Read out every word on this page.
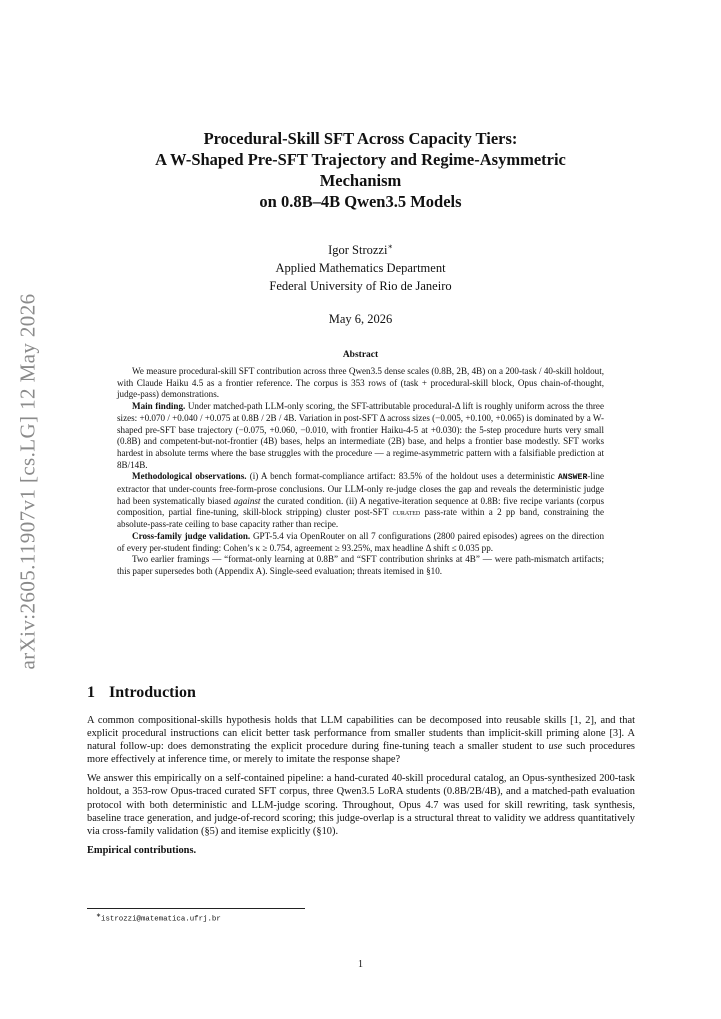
arXiv:2605.11907v1 [cs.LG] 12 May 2026
Procedural-Skill SFT Across Capacity Tiers:
A W-Shaped Pre-SFT Trajectory and Regime-Asymmetric
Mechanism
on 0.8B–4B Qwen3.5 Models
Igor Strozzi∗
Applied Mathematics Department
Federal University of Rio de Janeiro
May 6, 2026
Abstract

We measure procedural-skill SFT contribution across three Qwen3.5 dense scales (0.8B, 2B, 4B) on a 200-task / 40-skill holdout, with Claude Haiku 4.5 as a frontier reference. The corpus is 353 rows of (task + procedural-skill block, Opus chain-of-thought, judge-pass) demonstrations.

Main finding. Under matched-path LLM-only scoring, the SFT-attributable procedural-Δ lift is roughly uniform across the three sizes: +0.070 / +0.040 / +0.075 at 0.8B / 2B / 4B. Variation in post-SFT Δ across sizes (−0.005, +0.100, +0.065) is dominated by a W-shaped pre-SFT base trajectory (−0.075, +0.060, −0.010, with frontier Haiku-4-5 at +0.030): the 5-step procedure hurts very small (0.8B) and competent-but-not-frontier (4B) bases, helps an intermediate (2B) base, and helps a frontier base modestly. SFT works hardest in absolute terms where the base struggles with the procedure — a regime-asymmetric pattern with a falsifiable prediction at 8B/14B.

Methodological observations. (i) A bench format-compliance artifact: 83.5% of the holdout uses a deterministic ANSWER-line extractor that under-counts free-form-prose conclusions. Our LLM-only re-judge closes the gap and reveals the deterministic judge had been systematically biased against the curated condition. (ii) A negative-iteration sequence at 0.8B: five recipe variants (corpus composition, partial fine-tuning, skill-block stripping) cluster post-SFT curated pass-rate within a 2 pp band, constraining the absolute-pass-rate ceiling to base capacity rather than recipe.

Cross-family judge validation. GPT-5.4 via OpenRouter on all 7 configurations (2800 paired episodes) agrees on the direction of every per-student finding: Cohen’s κ ≥ 0.754, agreement ≥ 93.25%, max headline Δ shift ≤ 0.035 pp.

Two earlier framings — “format-only learning at 0.8B” and “SFT contribution shrinks at 4B” — were path-mismatch artifacts; this paper supersedes both (Appendix A). Single-seed evaluation; threats itemised in §10.

1 Introduction

A common compositional-skills hypothesis holds that LLM capabilities can be decomposed into reusable skills [1, 2], and that explicit procedural instructions can elicit better task performance from smaller students than implicit-skill priming alone [3]. A natural follow-up: does demonstrating the explicit procedure during fine-tuning teach a smaller student to use such procedures more effectively at inference time, or merely to imitate the response shape?

We answer this empirically on a self-contained pipeline: a hand-curated 40-skill procedural catalog, an Opus-synthesized 200-task holdout, a 353-row Opus-traced curated SFT corpus, three Qwen3.5 LoRA students (0.8B/2B/4B), and a matched-path evaluation protocol with both deterministic and LLM-judge scoring. Throughout, Opus 4.7 was used for skill rewriting, task synthesis, baseline trace generation, and judge-of-record scoring; this judge-overlap is a structural threat to validity we address quantitatively via cross-family validation (§5) and itemise explicitly (§10).

Empirical contributions.
∗istrozzi@matematica.ufrj.br
1
